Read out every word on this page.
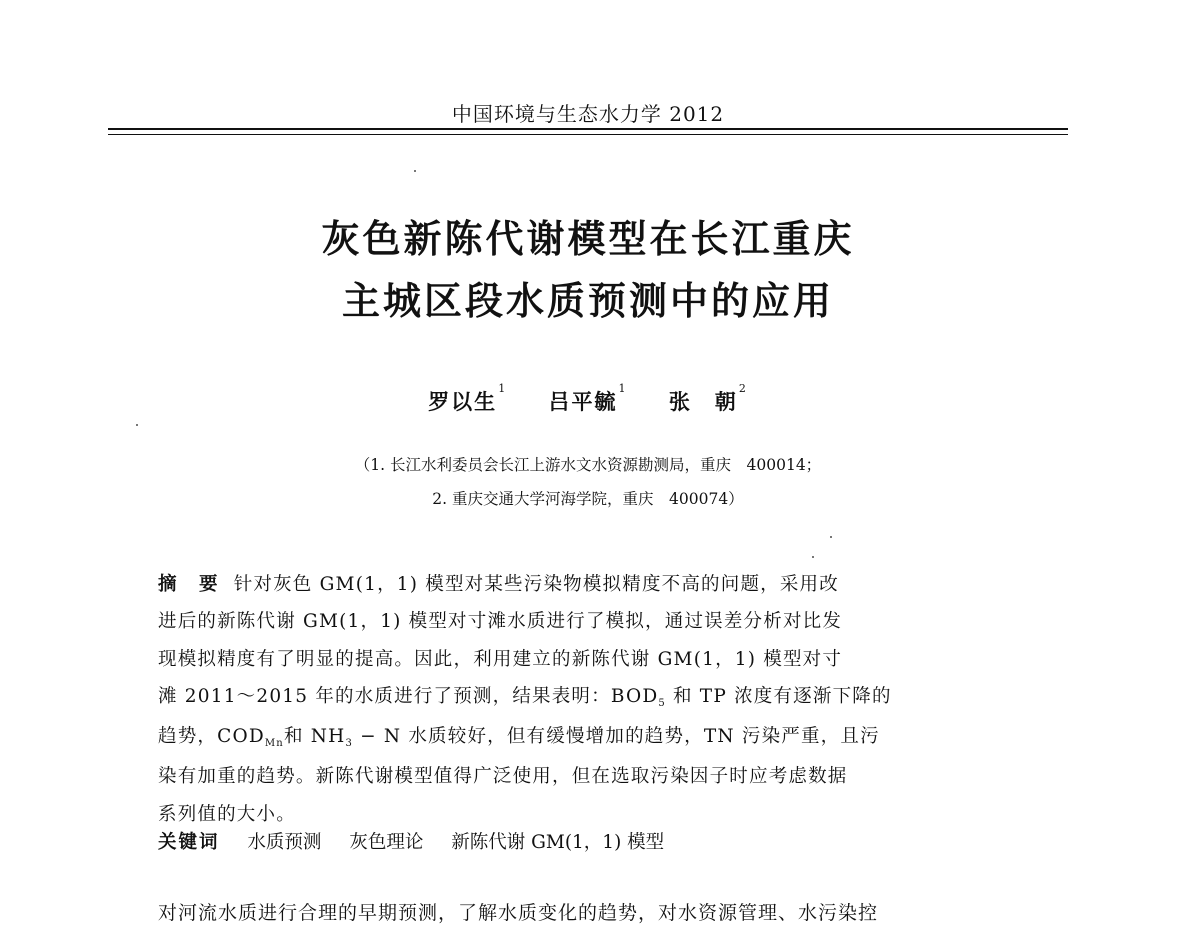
中国环境与生态水力学 2012
灰色新陈代谢模型在长江重庆
主城区段水质预测中的应用
罗以生$^1$ 吕平毓$^1$ 张　朝$^2$
（1. 长江水利委员会长江上游水文水资源勘测局，重庆　400014；
2. 重庆交通大学河海学院，重庆　400074）
摘　要 针对灰色 GM(1，1) 模型对某些污染物模拟精度不高的问题，采用改
进后的新陈代谢 GM(1，1) 模型对寸滩水质进行了模拟，通过误差分析对比发
现模拟精度有了明显的提高。因此，利用建立的新陈代谢 GM(1，1) 模型对寸
滩 2011～2015 年的水质进行了预测，结果表明：$BOD_5$ 和 TP 浓度有逐渐下降的
趋势，$COD_{Mn}$和 $NH_3 - N$ 水质较好，但有缓慢增加的趋势，TN 污染严重，且污
染有加重的趋势。新陈代谢模型值得广泛使用，但在选取污染因子时应考虑数据
系列值的大小。
关键词 水质预测 灰色理论 新陈代谢 GM(1，1) 模型
对河流水质进行合理的早期预测，了解水质变化的趋势，对水资源管理、水污染控
